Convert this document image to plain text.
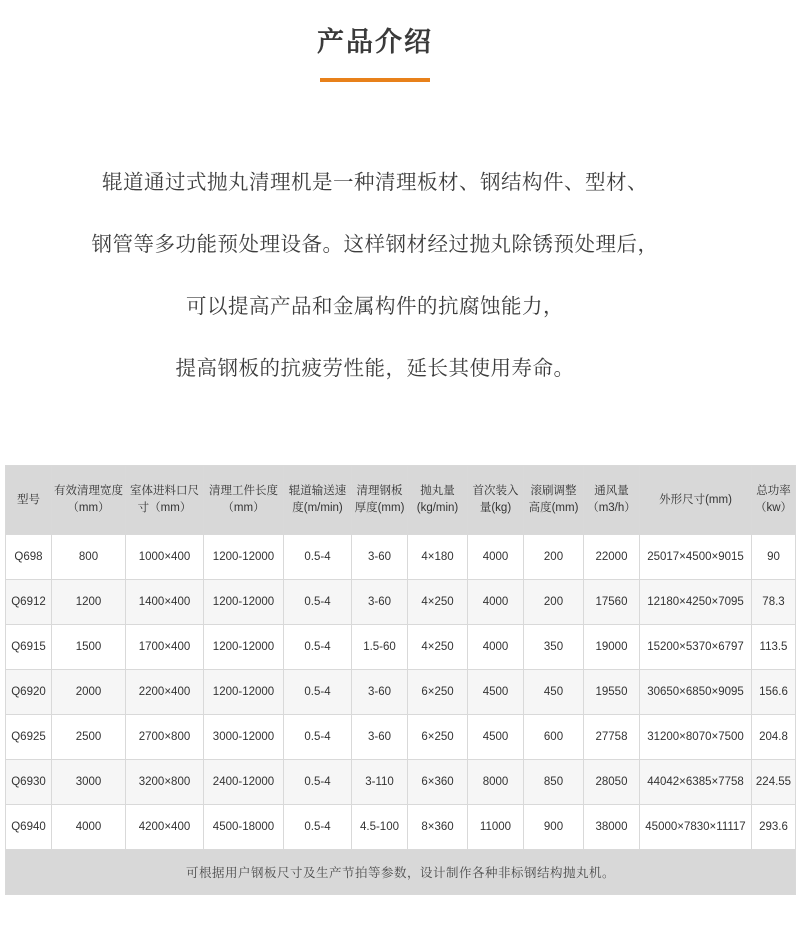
产品介绍

辊道通过式抛丸清理机是一种清理板材、钢结构件、型材、

钢管等多功能预处理设备。这样钢材经过抛丸除锈预处理后，

可以提高产品和金属构件的抗腐蚀能力，

提高钢板的抗疲劳性能，延长其使用寿命。

型号	有效清理宽度（mm）	室体进料口尺寸（mm）	清理工件长度（mm）	辊道输送速度(m/min)	清理钢板厚度(mm)	抛丸量(kg/min)	首次装入量(kg)	滚刷调整高度(mm)	通风量（m3/h）	外形尺寸(mm)	总功率（kw）
Q698	800	1000×400	1200-12000	0.5-4	3-60	4×180	4000	200	22000	25017×4500×9015	90
Q6912	1200	1400×400	1200-12000	0.5-4	3-60	4×250	4000	200	17560	12180×4250×7095	78.3
Q6915	1500	1700×400	1200-12000	0.5-4	1.5-60	4×250	4000	350	19000	15200×5370×6797	113.5
Q6920	2000	2200×400	1200-12000	0.5-4	3-60	6×250	4500	450	19550	30650×6850×9095	156.6
Q6925	2500	2700×800	3000-12000	0.5-4	3-60	6×250	4500	600	27758	31200×8070×7500	204.8
Q6930	3000	3200×800	2400-12000	0.5-4	3-110	6×360	8000	850	28050	44042×6385×7758	224.55
Q6940	4000	4200×400	4500-18000	0.5-4	4.5-100	8×360	11000	900	38000	45000×7830×11117	293.6
可根据用户钢板尺寸及生产节拍等参数，设计制作各种非标钢结构抛丸机。											
